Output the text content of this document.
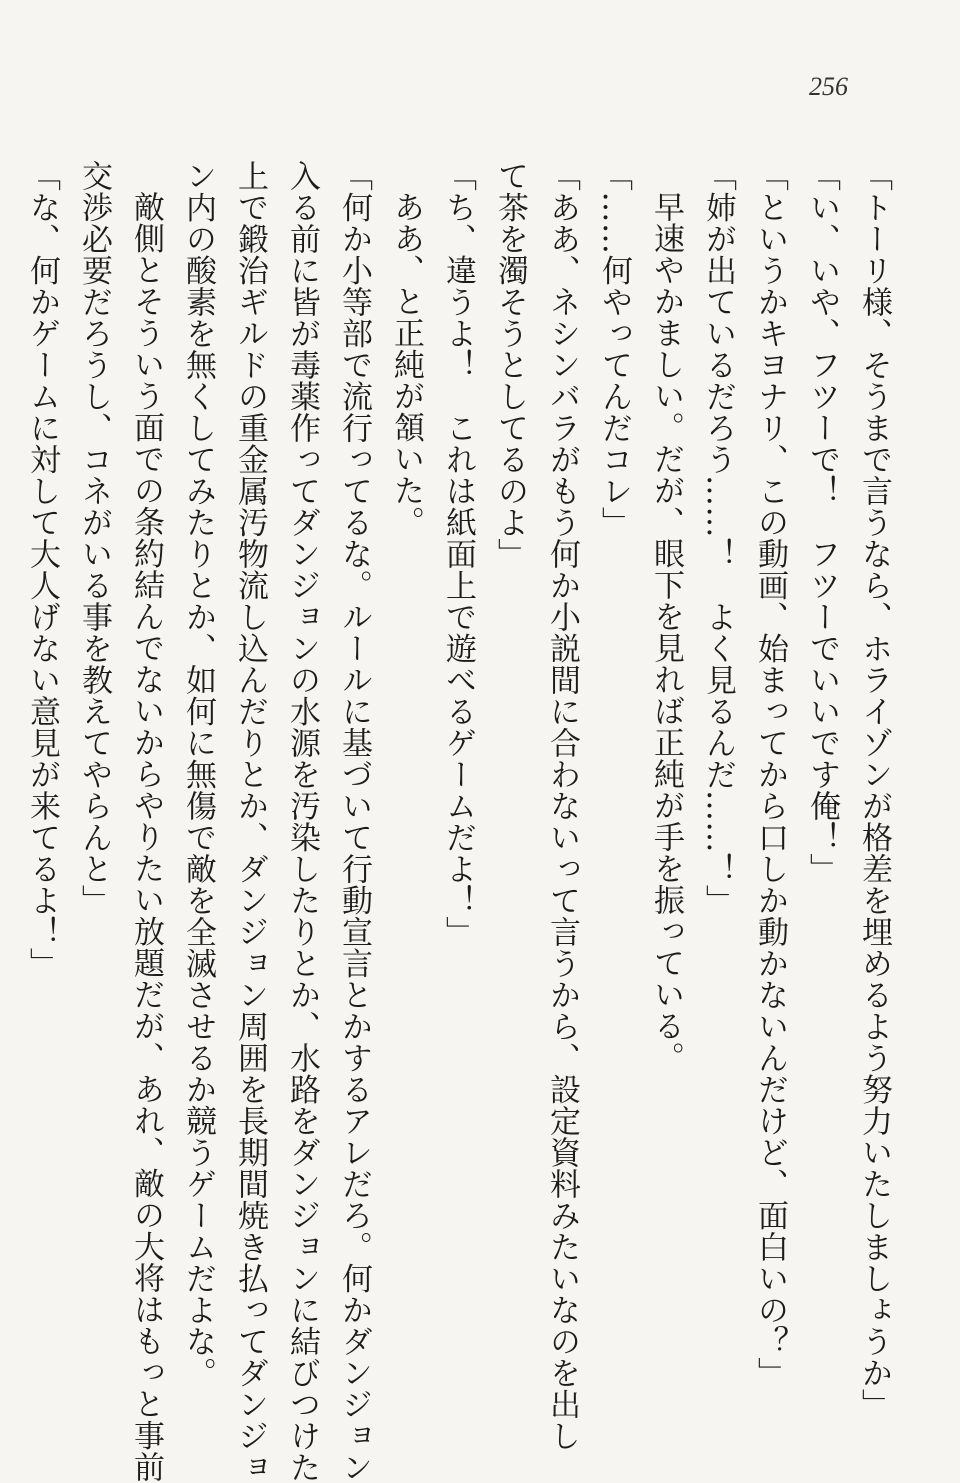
256
「トーリ様、そうまで言うなら、ホライゾンが格差を埋めるよう努力いたしましょうか」
「い、いや、フツーで！　フツーでいいです俺！」
「というかキヨナリ、この動画、始まってから口しか動かないんだけど、面白いの？」
「姉が出ているだろう……！　よく見るんだ……！」
早速やかましい。だが、眼下を見れば正純が手を振っている。
「……何やってんだコレ」
「ああ、ネシンバラがもう何か小説間に合わないって言うから、設定資料みたいなのを出し
て茶を濁そうとしてるのよ」
「ち、違うよ！　これは紙面上で遊べるゲームだよ！」
ああ、と正純が頷いた。
「何か小等部で流行ってるな。ルールに基づいて行動宣言とかするアレだろ。何かダンジョン
入る前に皆が毒薬作ってダンジョンの水源を汚染したりとか、水路をダンジョンに結びつけた
上で鍛治ギルドの重金属汚物流し込んだりとか、ダンジョン周囲を長期間焼き払ってダンジョ
ン内の酸素を無くしてみたりとか、如何に無傷で敵を全滅させるか競うゲームだよな。
敵側とそういう面での条約結んでないからやりたい放題だが、あれ、敵の大将はもっと事前
交渉必要だろうし、コネがいる事を教えてやらんと」
「な、何かゲームに対して大人げない意見が来てるよ！」
